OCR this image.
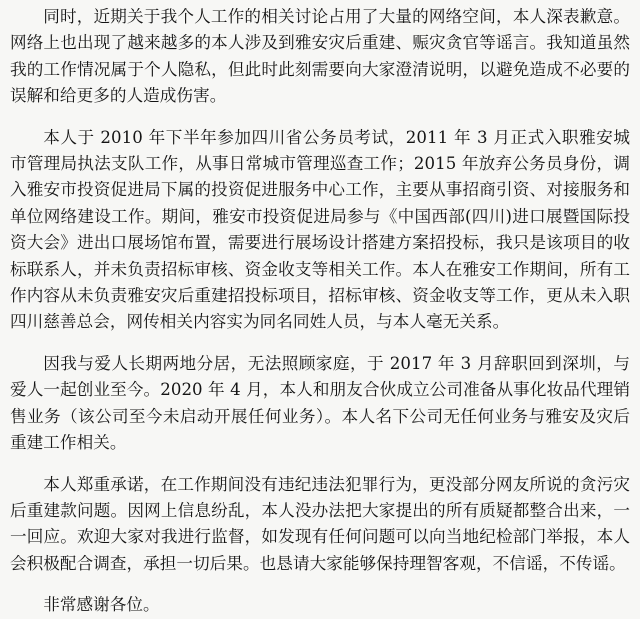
同时，近期关于我个人工作的相关讨论占用了大量的网络空间，本人深表歉意。网络上也出现了越来越多的本人涉及到雅安灾后重建、赈灾贪官等谣言。我知道虽然我的工作情况属于个人隐私，但此时此刻需要向大家澄清说明，以避免造成不必要的误解和给更多的人造成伤害。

本人于 2010 年下半年参加四川省公务员考试，2011 年 3 月正式入职雅安城市管理局执法支队工作，从事日常城市管理巡查工作；2015 年放弃公务员身份，调入雅安市投资促进局下属的投资促进服务中心工作，主要从事招商引资、对接服务和单位网络建设工作。期间，雅安市投资促进局参与《中国西部(四川)进口展暨国际投资大会》进出口展场馆布置，需要进行展场设计搭建方案招投标，我只是该项目的收标联系人，并未负责招标审核、资金收支等相关工作。本人在雅安工作期间，所有工作内容从未负责雅安灾后重建招投标项目，招标审核、资金收支等工作，更从未入职四川慈善总会，网传相关内容实为同名同姓人员，与本人毫无关系。

因我与爱人长期两地分居，无法照顾家庭，于 2017 年 3 月辞职回到深圳，与爱人一起创业至今。2020 年 4 月，本人和朋友合伙成立公司准备从事化妆品代理销售业务（该公司至今未启动开展任何业务）。本人名下公司无任何业务与雅安及灾后重建工作相关。

本人郑重承诺，在工作期间没有违纪违法犯罪行为，更没部分网友所说的贪污灾后重建款问题。因网上信息纷乱，本人没办法把大家提出的所有质疑都整合出来，一一回应。欢迎大家对我进行监督，如发现有任何问题可以向当地纪检部门举报，本人会积极配合调查，承担一切后果。也恳请大家能够保持理智客观，不信谣，不传谣。

非常感谢各位。
